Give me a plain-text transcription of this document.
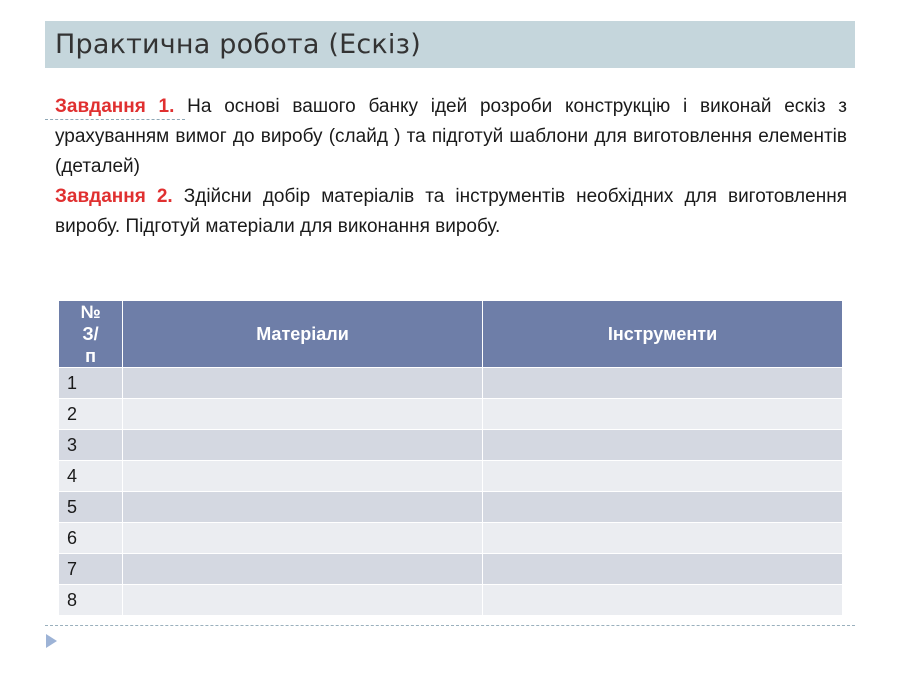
Практична робота (Ескіз)

Завдання 1. На основі вашого банку ідей розроби конструкцію і виконай ескіз з урахуванням вимог до виробу (слайд ) та підготуй шаблони для виготовлення елементів (деталей)

Завдання 2. Здійсни добір матеріалів та інструментів необхідних для виготовлення виробу. Підготуй матеріали для виконання виробу.

№ З/п	Матеріали	Інструменти
1		
2		
3		
4		
5		
6		
7		
8		
